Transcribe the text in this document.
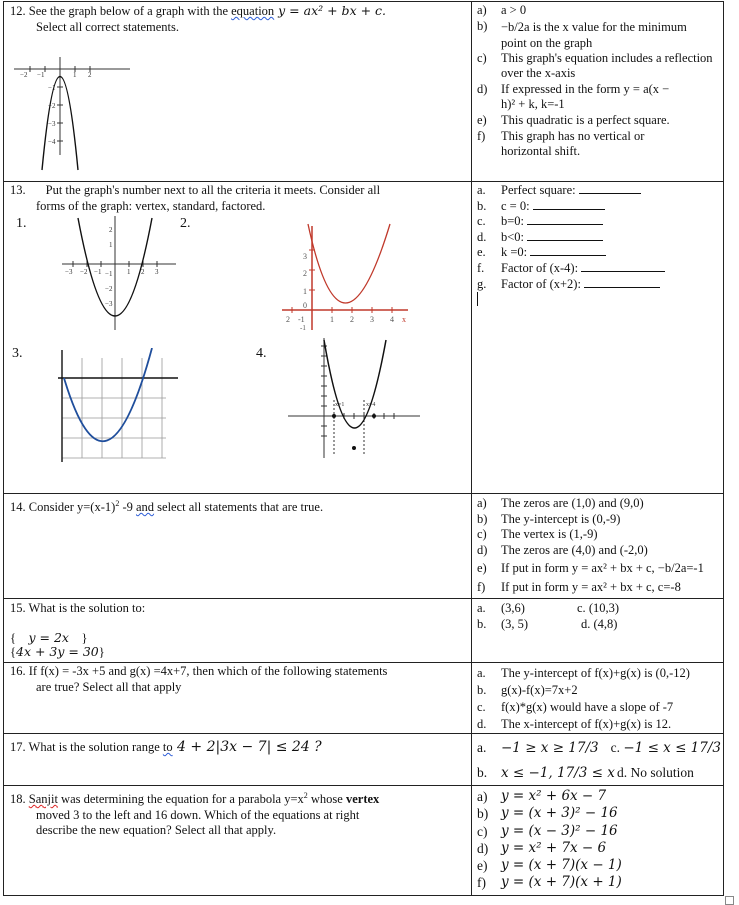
12. See the graph below of a graph with the equation y = ax² + bx + c.
Select all correct statements.
−2 −1	1 2
−1
−2
−3
−4
a)	a > 0
b)	−b/2a is the x value for the minimum point on the graph
c)	This graph's equation includes a reflection over the x-axis
d)	If expressed in the form y = a(x − h)² + k, k=-1
e)	This quadratic is a perfect square.
f)	This graph has no vertical or horizontal shift.
13. Put the graph's number next to all the criteria it meets. Consider all
forms of the graph: vertex, standard, factored.
1.	2.
3.	4.
−3 −2 −1	1 2 3
2
1
−1
−2
−3
2 -1	1 2 3 4
3
2
1
0
-1
x
x=1	x=4
a.	Perfect square:

b.	c = 0:

c.	b=0:

d.	b<0:

e.	k =0:

f.	Factor of (x-4):

g.	Factor of (x+2):

14. Consider $y=(x-1)^2$ -9 and select all statements that are true.	a)	The zeros are (1,0) and (9,0)
b)	The y-intercept is (0,-9)
c)	The vertex is (1,-9)
d)	The zeros are (4,0) and (-2,0)
e)	If put in form y = ax² + bx + c, −b/2a=-1
f)	If put in form y = ax² + bx + c, c=-8
15. What is the solution to:
{    y = 2x    }
{4x + 3y = 30}
a. (3,6)	c. (10,3)
b. (3, 5)	d. (4,8)
16. If f(x) = -3x +5 and g(x) =4x+7, then which of the following statements
are true? Select all that apply
a.	The y-intercept of f(x)+g(x) is (0,-12)
b.	g(x)-f(x)=7x+2
c.	f(x)*g(x) would have a slope of -7
d.	The x-intercept of f(x)+g(x) is 12.
17. What is the solution range to 4 + 2|3x − 7| ≤ 24 ?	a. −1 ≥ x ≥ 17/3 c. −1 ≤ x ≤ 17/3
b. x ≤ −1, 17/3 ≤ x d. No solution
18. Sanjit was determining the equation for a parabola $y=x^2$ whose vertex
moved 3 to the left and 16 down. Which of the equations at right
describe the new equation? Select all that apply.
a)	y = x² + 6x − 7
b) y = (x + 3)² − 16
c)	y = (x − 3)² − 16
d) y = x² + 7x − 6
e)	y = (x + 7)(x − 1)
f)	y = (x + 7)(x + 1)
